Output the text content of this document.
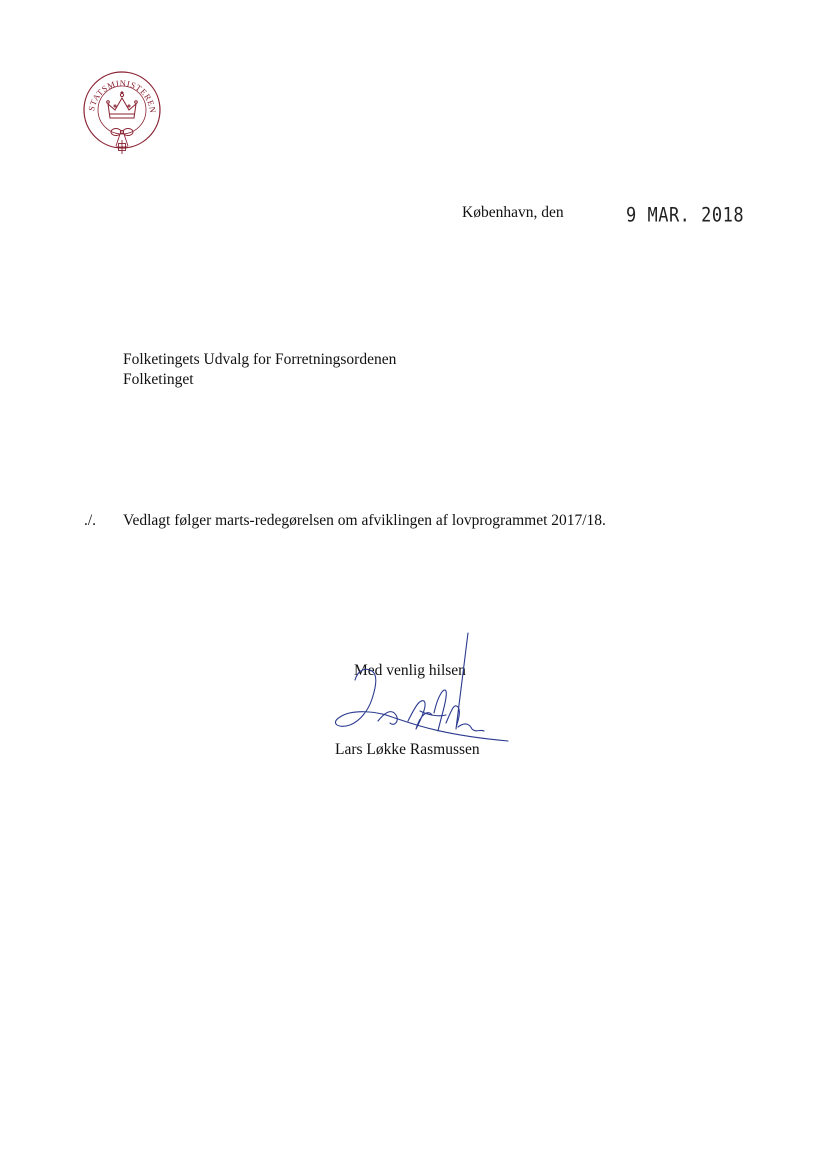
STATSMINISTEREN
København, den	9 MAR. 2018
Folketingets Udvalg for Forretningsordenen
Folketinget
./. Vedlagt følger marts-redegørelsen om afviklingen af lovprogrammet 2017/18.
Med venlig hilsen
Lars Løkke Rasmussen
